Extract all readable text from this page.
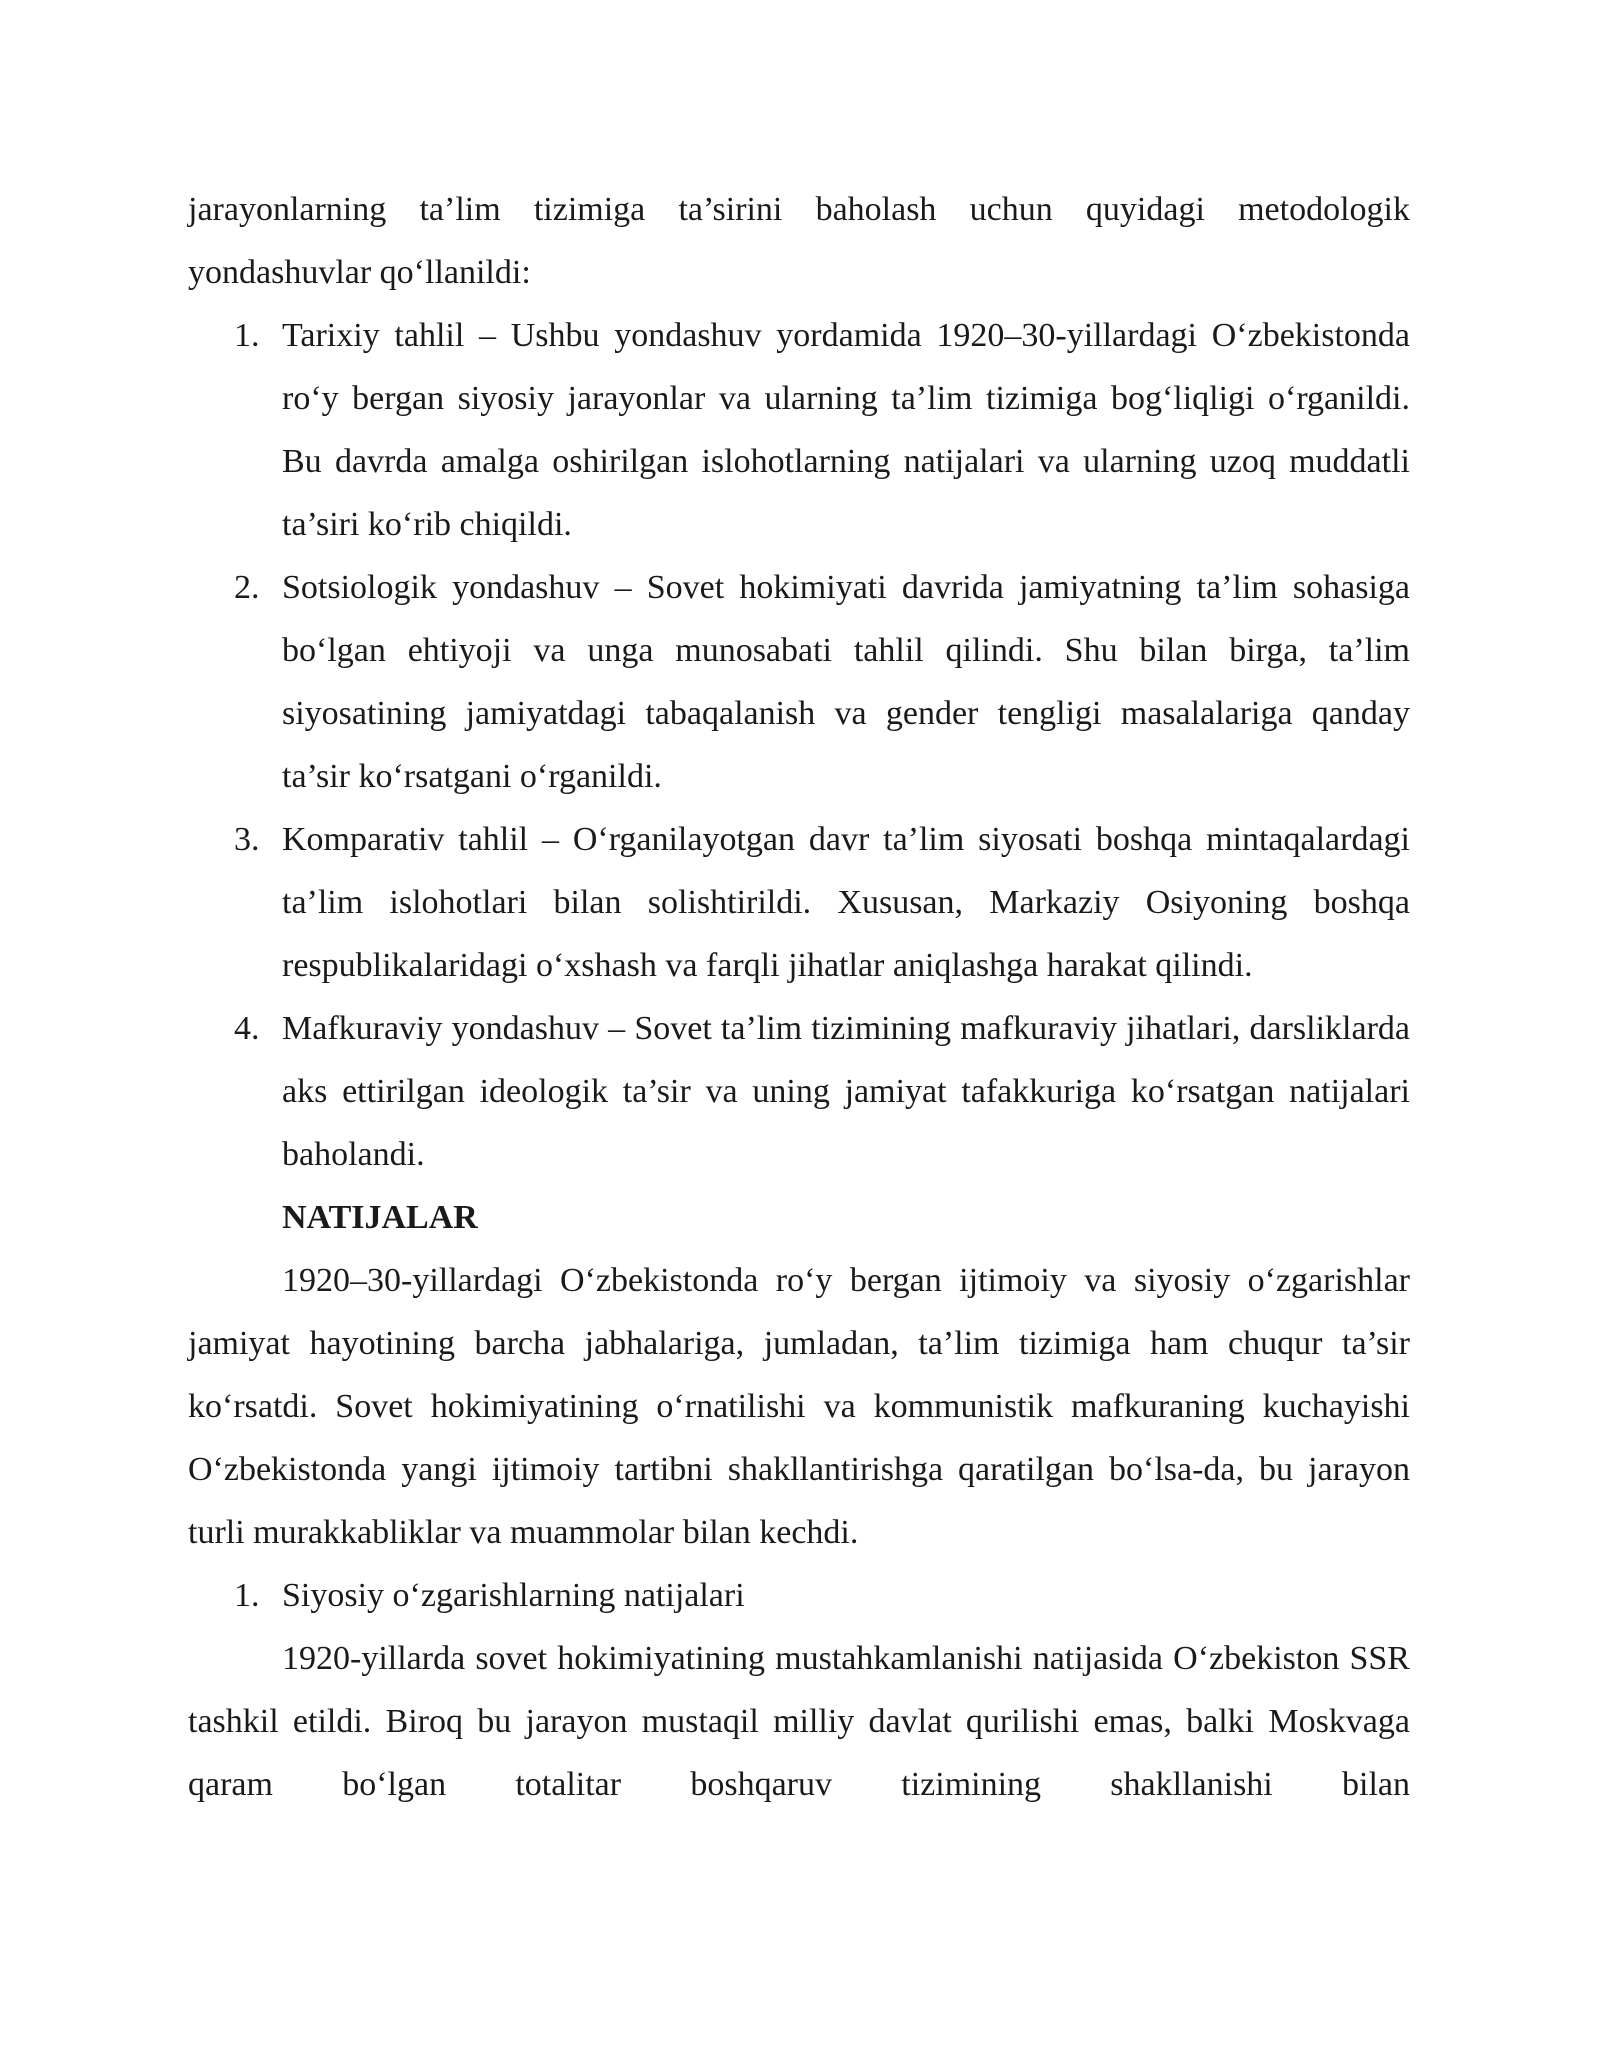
jarayonlarning ta’lim tizimiga ta’sirini baholash uchun quyidagi metodologik yondashuvlar qo‘llanildi:

1. Tarixiy tahlil – Ushbu yondashuv yordamida 1920–30-yillardagi O‘zbekistonda ro‘y bergan siyosiy jarayonlar va ularning ta’lim tizimiga bog‘liqligi o‘rganildi. Bu davrda amalga oshirilgan islohotlarning natijalari va ularning uzoq muddatli ta’siri ko‘rib chiqildi.
2. Sotsiologik yondashuv – Sovet hokimiyati davrida jamiyatning ta’lim sohasiga bo‘lgan ehtiyoji va unga munosabati tahlil qilindi. Shu bilan birga, ta’lim siyosatining jamiyatdagi tabaqalanish va gender tengligi masalalariga qanday ta’sir ko‘rsatgani o‘rganildi.
3. Komparativ tahlil – O‘rganilayotgan davr ta’lim siyosati boshqa mintaqalardagi ta’lim islohotlari bilan solishtirildi. Xususan, Markaziy Osiyoning boshqa respublikalaridagi o‘xshash va farqli jihatlar aniqlashga harakat qilindi.
4. Mafkuraviy yondashuv – Sovet ta’lim tizimining mafkuraviy jihatlari, darsliklarda aks ettirilgan ideologik ta’sir va uning jamiyat tafakkuriga ko‘rsatgan natijalari baholandi.

NATIJALAR

1920–30-yillardagi O‘zbekistonda ro‘y bergan ijtimoiy va siyosiy o‘zgarishlar jamiyat hayotining barcha jabhalariga, jumladan, ta’lim tizimiga ham chuqur ta’sir ko‘rsatdi. Sovet hokimiyatining o‘rnatilishi va kommunistik mafkuraning kuchayishi O‘zbekistonda yangi ijtimoiy tartibni shakllantirishga qaratilgan bo‘lsa-da, bu jarayon turli murakkabliklar va muammolar bilan kechdi.

1. Siyosiy o‘zgarishlarning natijalari

1920-yillarda sovet hokimiyatining mustahkamlanishi natijasida O‘zbekiston SSR tashkil etildi. Biroq bu jarayon mustaqil milliy davlat qurilishi emas, balki Moskvaga qaram bo‘lgan totalitar boshqaruv tizimining shakllanishi bilan
